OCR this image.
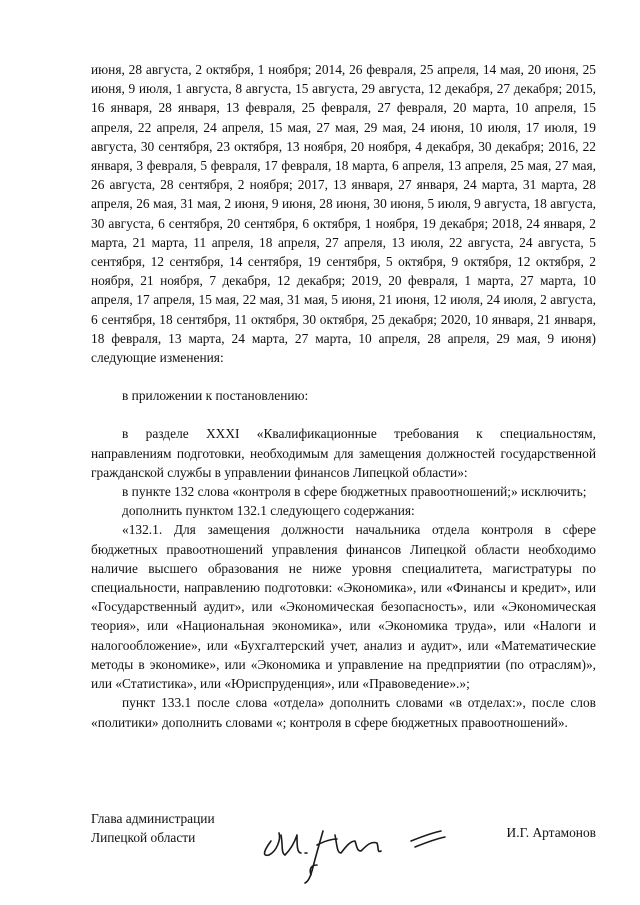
июня, 28 августа, 2 октября, 1 ноября; 2014, 26 февраля, 25 апреля, 14 мая, 20 июня, 25 июня, 9 июля, 1 августа, 8 августа, 15 августа, 29 августа, 12 декабря, 27 декабря; 2015, 16 января, 28 января, 13 февраля, 25 февраля, 27 февраля, 20 марта, 10 апреля, 15 апреля, 22 апреля, 24 апреля, 15 мая, 27 мая, 29 мая, 24 июня, 10 июля, 17 июля, 19 августа, 30 сентября, 23 октября, 13 ноября, 20 ноября, 4 декабря, 30 декабря; 2016, 22 января, 3 февраля, 5 февраля, 17 февраля, 18 марта, 6 апреля, 13 апреля, 25 мая, 27 мая, 26 августа, 28 сентября, 2 ноября; 2017, 13 января, 27 января, 24 марта, 31 марта, 28 апреля, 26 мая, 31 мая, 2 июня, 9 июня, 28 июня, 30 июня, 5 июля, 9 августа, 18 августа, 30 августа, 6 сентября, 20 сентября, 6 октября, 1 ноября, 19 декабря; 2018, 24 января, 2 марта, 21 марта, 11 апреля, 18 апреля, 27 апреля, 13 июля, 22 августа, 24 августа, 5 сентября, 12 сентября, 14 сентября, 19 сентября, 5 октября, 9 октября, 12 октября, 2 ноября, 21 ноября, 7 декабря, 12 декабря; 2019, 20 февраля, 1 марта, 27 марта, 10 апреля, 17 апреля, 15 мая, 22 мая, 31 мая, 5 июня, 21 июня, 12 июля, 24 июля, 2 августа, 6 сентября, 18 сентября, 11 октября, 30 октября, 25 декабря; 2020, 10 января, 21 января, 18 февраля, 13 марта, 24 марта, 27 марта, 10 апреля, 28 апреля, 29 мая, 9 июня) следующие изменения:

в приложении к постановлению:

в разделе XXXI «Квалификационные требования к специальностям, направлениям подготовки, необходимым для замещения должностей государственной гражданской службы в управлении финансов Липецкой области»:

в пункте 132 слова «контроля в сфере бюджетных правоотношений;» исключить;

дополнить пунктом 132.1 следующего содержания:

«132.1. Для замещения должности начальника отдела контроля в сфере бюджетных правоотношений управления финансов Липецкой области необходимо наличие высшего образования не ниже уровня специалитета, магистратуры по специальности, направлению подготовки: «Экономика», или «Финансы и кредит», или «Государственный аудит», или «Экономическая безопасность», или «Экономическая теория», или «Национальная экономика», или «Экономика труда», или «Налоги и налогообложение», или «Бухгалтерский учет, анализ и аудит», или «Математические методы в экономике», или «Экономика и управление на предприятии (по отраслям)», или «Статистика», или «Юриспруденция», или «Правоведение».»;

пункт 133.1 после слова «отдела» дополнить словами «в отделах:», после слов «политики» дополнить словами «; контроля в сфере бюджетных правоотношений».

Глава администрации
Липецкой области	И.Г. Артамонов
